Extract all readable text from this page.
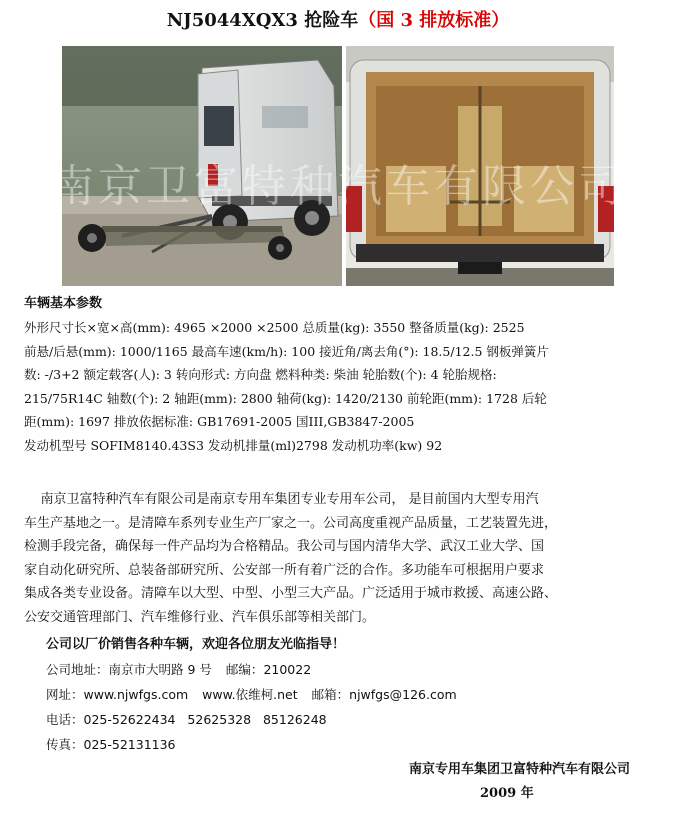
NJ5044XQX3 抢险车（国 3 排放标准）
南京卫富特种汽车有限公司
车辆基本参数
外形尺寸长×宽×高(mm): 4965 ×2000 ×2500 总质量(kg): 3550 整备质量(kg): 2525
前悬/后悬(mm): 1000/1165 最高车速(km/h): 100 接近角/离去角(°): 18.5/12.5 钢板弹簧片
数: -/3+2 额定载客(人): 3 转向形式: 方向盘 燃料种类: 柴油 轮胎数(个): 4 轮胎规格:
215/75R14C 轴数(个): 2 轴距(mm): 2800 轴荷(kg): 1420/2130 前轮距(mm): 1728 后轮
距(mm): 1697 排放依据标准: GB17691-2005 国III,GB3847-2005
发动机型号 SOFIM8140.43S3 发动机排量(ml)2798 发动机功率(kw) 92

南京卫富特种汽车有限公司是南京专用车集团专业专用车公司， 是目前国内大型专用汽
车生产基地之一。是清障车系列专业生产厂家之一。公司高度重视产品质量，工艺装置先进，
检测手段完备，确保每一件产品均为合格精品。我公司与国内清华大学、武汉工业大学、国
家自动化研究所、总装备部研究所、公安部一所有着广泛的合作。多功能车可根据用户要求
集成各类专业设备。清障车以大型、中型、小型三大产品。广泛适用于城市救援、高速公路、
公安交通管理部门、汽车维修行业、汽车俱乐部等相关部门。

公司以厂价销售各种车辆，欢迎各位朋友光临指导！
公司地址：南京市大明路 9 号 邮编：210022
网址：www.njwfgs.com www.依维柯.net 邮箱：njwfgs@126.com
电话：025-52622434   52625328   85126248
传真：025-52131136
南京专用车集团卫富特种汽车有限公司
2009 年
